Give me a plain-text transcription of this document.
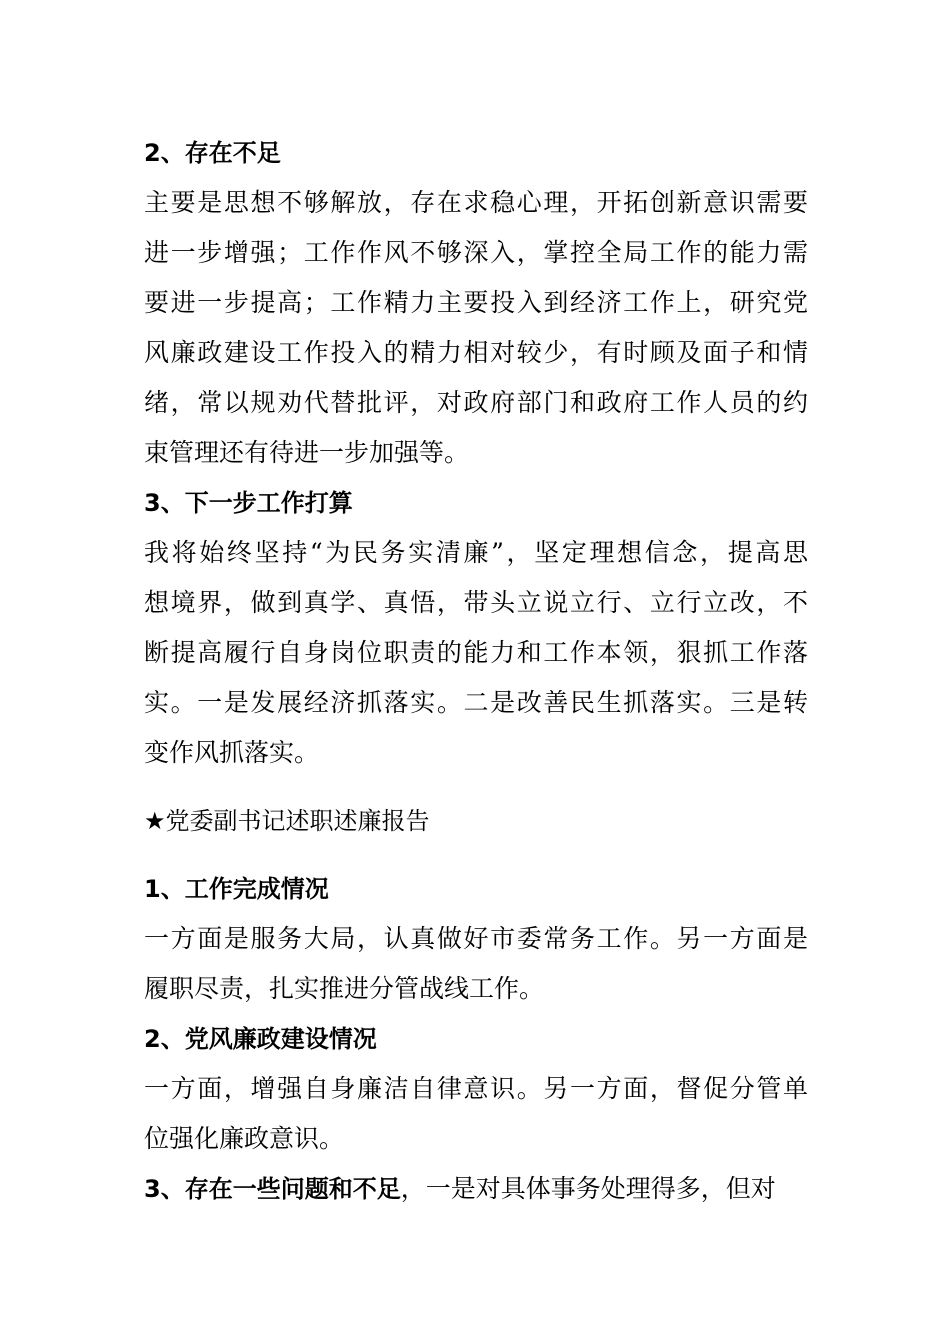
2、存在不足
主要是思想不够解放，存在求稳心理，开拓创新意识需要
进一步增强；工作作风不够深入，掌控全局工作的能力需
要进一步提高；工作精力主要投入到经济工作上，研究党
风廉政建设工作投入的精力相对较少，有时顾及面子和情
绪，常以规劝代替批评，对政府部门和政府工作人员的约
束管理还有待进一步加强等。
3、下一步工作打算
我将始终坚持“为民务实清廉”，坚定理想信念，提高思
想境界，做到真学、真悟，带头立说立行、立行立改，不
断提高履行自身岗位职责的能力和工作本领，狠抓工作落
实。一是发展经济抓落实。二是改善民生抓落实。三是转
变作风抓落实。
★党委副书记述职述廉报告
1、工作完成情况
一方面是服务大局，认真做好市委常务工作。另一方面是
履职尽责，扎实推进分管战线工作。
2、党风廉政建设情况
一方面，增强自身廉洁自律意识。另一方面，督促分管单
位强化廉政意识。
3、存在一些问题和不足，一是对具体事务处理得多，但对
